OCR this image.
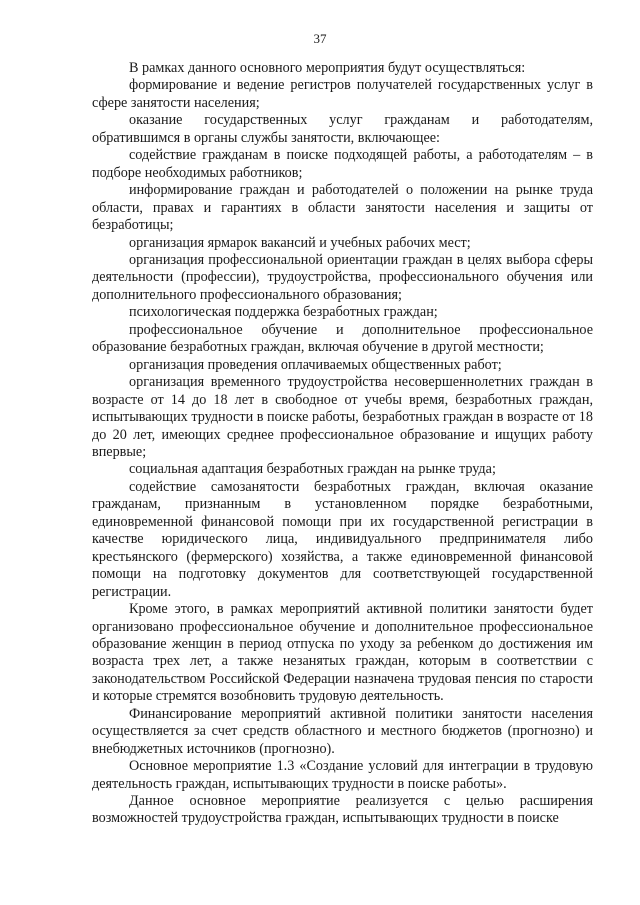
37

В рамках данного основного мероприятия будут осуществляться:

формирование и ведение регистров получателей государственных услуг в сфере занятости населения;

оказание государственных услуг гражданам и работодателям, обратившимся в органы службы занятости, включающее:

содействие гражданам в поиске подходящей работы, а работодателям – в подборе необходимых работников;

информирование граждан и работодателей о положении на рынке труда области, правах и гарантиях в области занятости населения и защиты от безработицы;

организация ярмарок вакансий и учебных рабочих мест;

организация профессиональной ориентации граждан в целях выбора сферы деятельности (профессии), трудоустройства, профессионального обучения или дополнительного профессионального образования;

психологическая поддержка безработных граждан;

профессиональное обучение и дополнительное профессиональное образование безработных граждан, включая обучение в другой местности;

организация проведения оплачиваемых общественных работ;

организация временного трудоустройства несовершеннолетних граждан в возрасте от 14 до 18 лет в свободное от учебы время, безработных граждан, испытывающих трудности в поиске работы, безработных граждан в возрасте от 18 до 20 лет, имеющих среднее профессиональное образование и ищущих работу впервые;

социальная адаптация безработных граждан на рынке труда;

содействие самозанятости безработных граждан, включая оказание гражданам, признанным в установленном порядке безработными, единовременной финансовой помощи при их государственной регистрации в качестве юридического лица, индивидуального предпринимателя либо крестьянского (фермерского) хозяйства, а также единовременной финансовой помощи на подготовку документов для соответствующей государственной регистрации.

Кроме этого, в рамках мероприятий активной политики занятости будет организовано профессиональное обучение и дополнительное профессиональное образование женщин в период отпуска по уходу за ребенком до достижения им возраста трех лет, а также незанятых граждан, которым в соответствии с законодательством Российской Федерации назначена трудовая пенсия по старости и которые стремятся возобновить трудовую деятельность.

Финансирование мероприятий активной политики занятости населения осуществляется за счет средств областного и местного бюджетов (прогнозно) и внебюджетных источников (прогнозно).

Основное мероприятие 1.3 «Создание условий для интеграции в трудовую деятельность граждан, испытывающих трудности в поиске работы».

Данное основное мероприятие реализуется с целью расширения возможностей трудоустройства граждан, испытывающих трудности в поиске
